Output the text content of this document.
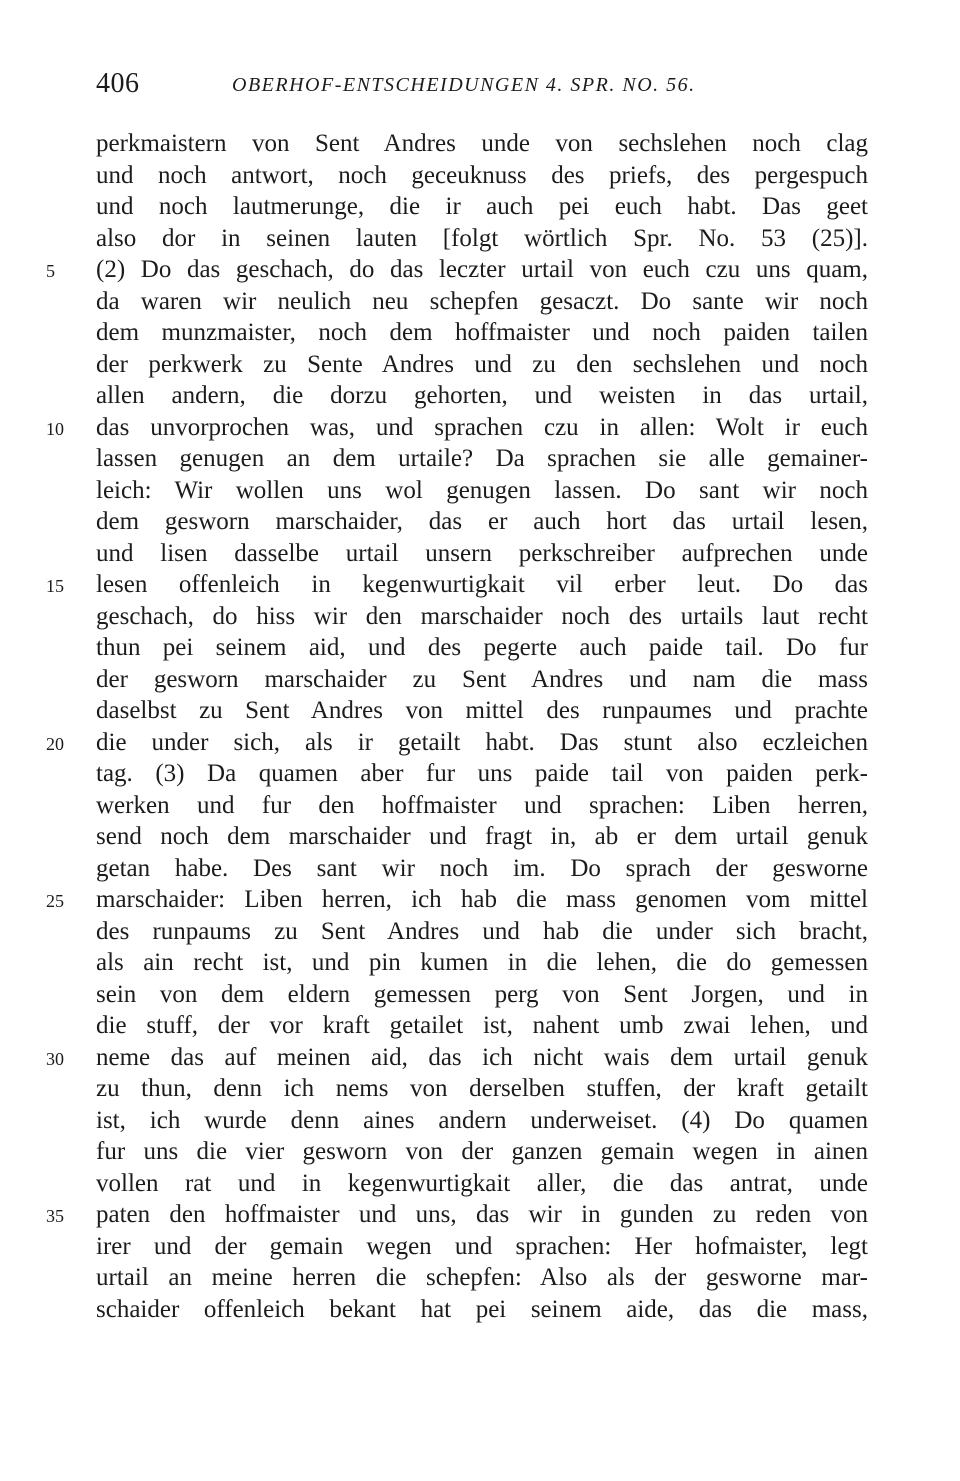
406	OBERHOF-ENTSCHEIDUNGEN 4. SPR. NO. 56.
perkmaistern von Sent Andres unde von sechslehen noch clag
und noch antwort, noch geceuknuss des priefs, des pergespuch
und noch lautmerunge, die ir auch pei euch habt. Das geet
also dor in seinen lauten [folgt wörtlich Spr. No. 53 (25)].
5	(2) Do das geschach, do das leczter urtail von euch czu uns quam,
da waren wir neulich neu schepfen gesaczt. Do sante wir noch
dem munzmaister, noch dem hoffmaister und noch paiden tailen
der perkwerk zu Sente Andres und zu den sechslehen und noch
allen andern, die dorzu gehorten, und weisten in das urtail,
10	das unvorprochen was, und sprachen czu in allen: Wolt ir euch
lassen genugen an dem urtaile? Da sprachen sie alle gemainer-
leich: Wir wollen uns wol genugen lassen. Do sant wir noch
dem gesworn marschaider, das er auch hort das urtail lesen,
und lisen dasselbe urtail unsern perkschreiber aufprechen unde
15	lesen offenleich in kegenwurtigkait vil erber leut. Do das
geschach, do hiss wir den marschaider noch des urtails laut recht
thun pei seinem aid, und des pegerte auch paide tail. Do fur
der gesworn marschaider zu Sent Andres und nam die mass
daselbst zu Sent Andres von mittel des runpaumes und prachte
20	die under sich, als ir getailt habt. Das stunt also eczleichen
tag. (3) Da quamen aber fur uns paide tail von paiden perk-
werken und fur den hoffmaister und sprachen: Liben herren,
send noch dem marschaider und fragt in, ab er dem urtail genuk
getan habe. Des sant wir noch im. Do sprach der gesworne
25	marschaider: Liben herren, ich hab die mass genomen vom mittel
des runpaums zu Sent Andres und hab die under sich bracht,
als ain recht ist, und pin kumen in die lehen, die do gemessen
sein von dem eldern gemessen perg von Sent Jorgen, und in
die stuff, der vor kraft getailet ist, nahent umb zwai lehen, und
30	neme das auf meinen aid, das ich nicht wais dem urtail genuk
zu thun, denn ich nems von derselben stuffen, der kraft getailt
ist, ich wurde denn aines andern underweiset. (4) Do quamen
fur uns die vier gesworn von der ganzen gemain wegen in ainen
vollen rat und in kegenwurtigkait aller, die das antrat, unde
35	paten den hoffmaister und uns, das wir in gunden zu reden von
irer und der gemain wegen und sprachen: Her hofmaister, legt
urtail an meine herren die schepfen: Also als der gesworne mar-
schaider offenleich bekant hat pei seinem aide, das die mass,
